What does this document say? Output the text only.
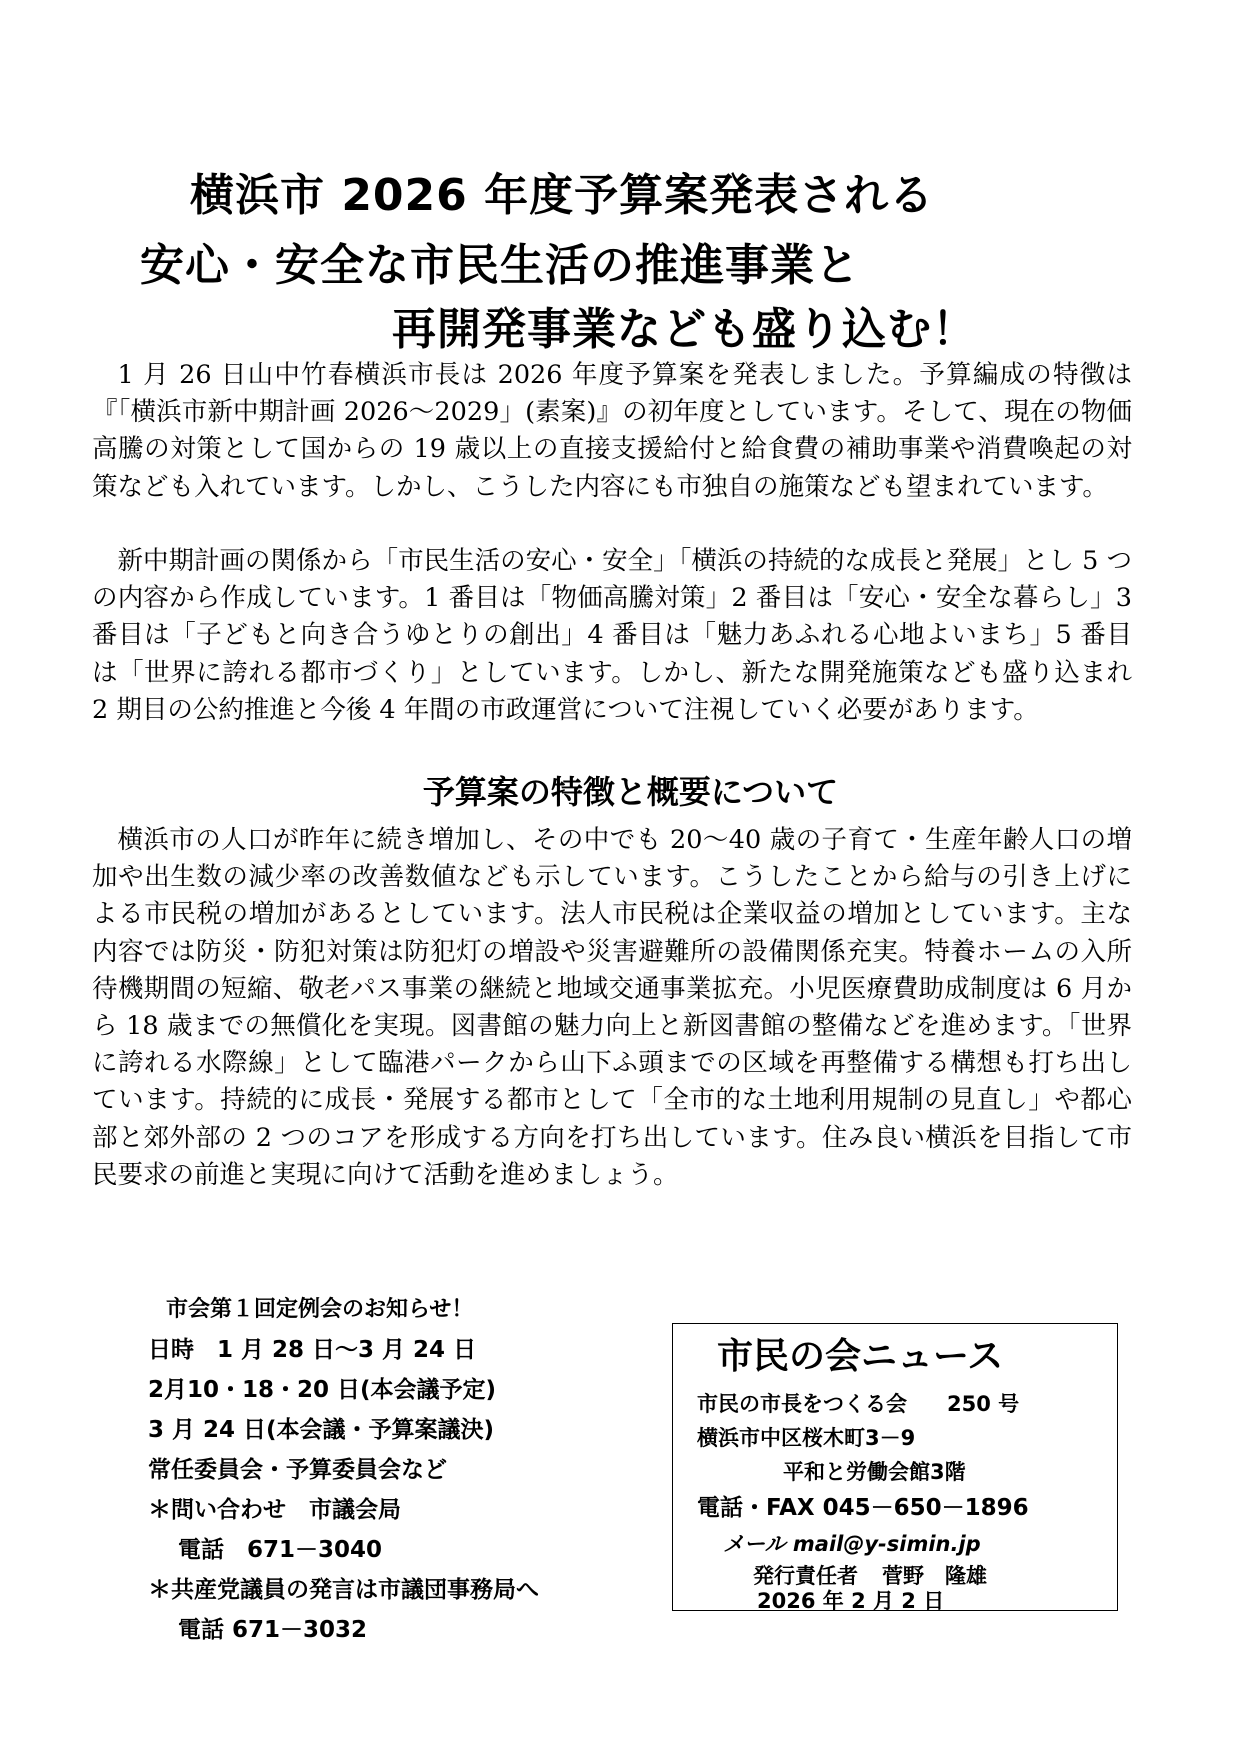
横浜市 2026 年度予算案発表される
安心・安全な市民生活の推進事業と
再開発事業なども盛り込む！

1 月 26 日山中竹春横浜市長は 2026 年度予算案を発表しました。予算編成の特徴は『「横浜市新中期計画 2026～2029」(素案)』の初年度としています。そして、現在の物価高騰の対策として国からの 19 歳以上の直接支援給付と給食費の補助事業や消費喚起の対策なども入れています。しかし、こうした内容にも市独自の施策なども望まれています。

新中期計画の関係から「市民生活の安心・安全」「横浜の持続的な成長と発展」とし 5 つの内容から作成しています。1 番目は「物価高騰対策」2 番目は「安心・安全な暮らし」3 番目は「子どもと向き合うゆとりの創出」4 番目は「魅力あふれる心地よいまち」5 番目は「世界に誇れる都市づくり」としています。しかし、新たな開発施策なども盛り込まれ 2 期目の公約推進と今後 4 年間の市政運営について注視していく必要があります。

予算案の特徴と概要について

横浜市の人口が昨年に続き増加し、その中でも 20～40 歳の子育て・生産年齢人口の増加や出生数の減少率の改善数値なども示しています。こうしたことから給与の引き上げによる市民税の増加があるとしています。法人市民税は企業収益の増加としています。主な内容では防災・防犯対策は防犯灯の増設や災害避難所の設備関係充実。特養ホームの入所待機期間の短縮、敬老パス事業の継続と地域交通事業拡充。小児医療費助成制度は 6 月から 18 歳までの無償化を実現。図書館の魅力向上と新図書館の整備などを進めます。「世界に誇れる水際線」として臨港パークから山下ふ頭までの区域を再整備する構想も打ち出しています。持続的に成長・発展する都市として「全市的な土地利用規制の見直し」や都心部と郊外部の 2 つのコアを形成する方向を打ち出しています。住み良い横浜を目指して市民要求の前進と実現に向けて活動を進めましょう。

市会第１回定例会のお知らせ！
日時　1 月 28 日～3 月 24 日
2月10・18・20 日(本会議予定)
3 月 24 日(本会議・予算案議決)
常任委員会・予算委員会など
＊問い合わせ　市議会局
電話　671－3040
＊共産党議員の発言は市議団事務局へ
電話 671－3032
市民の会ニュース
市民の市長をつくる会 250 号
横浜市中区桜木町3－9
平和と労働会館3階
電話・FAX 045－650－1896
メール mail@y-simin.jp
発行責任者 菅野　隆雄
2026 年 2 月 2 日
